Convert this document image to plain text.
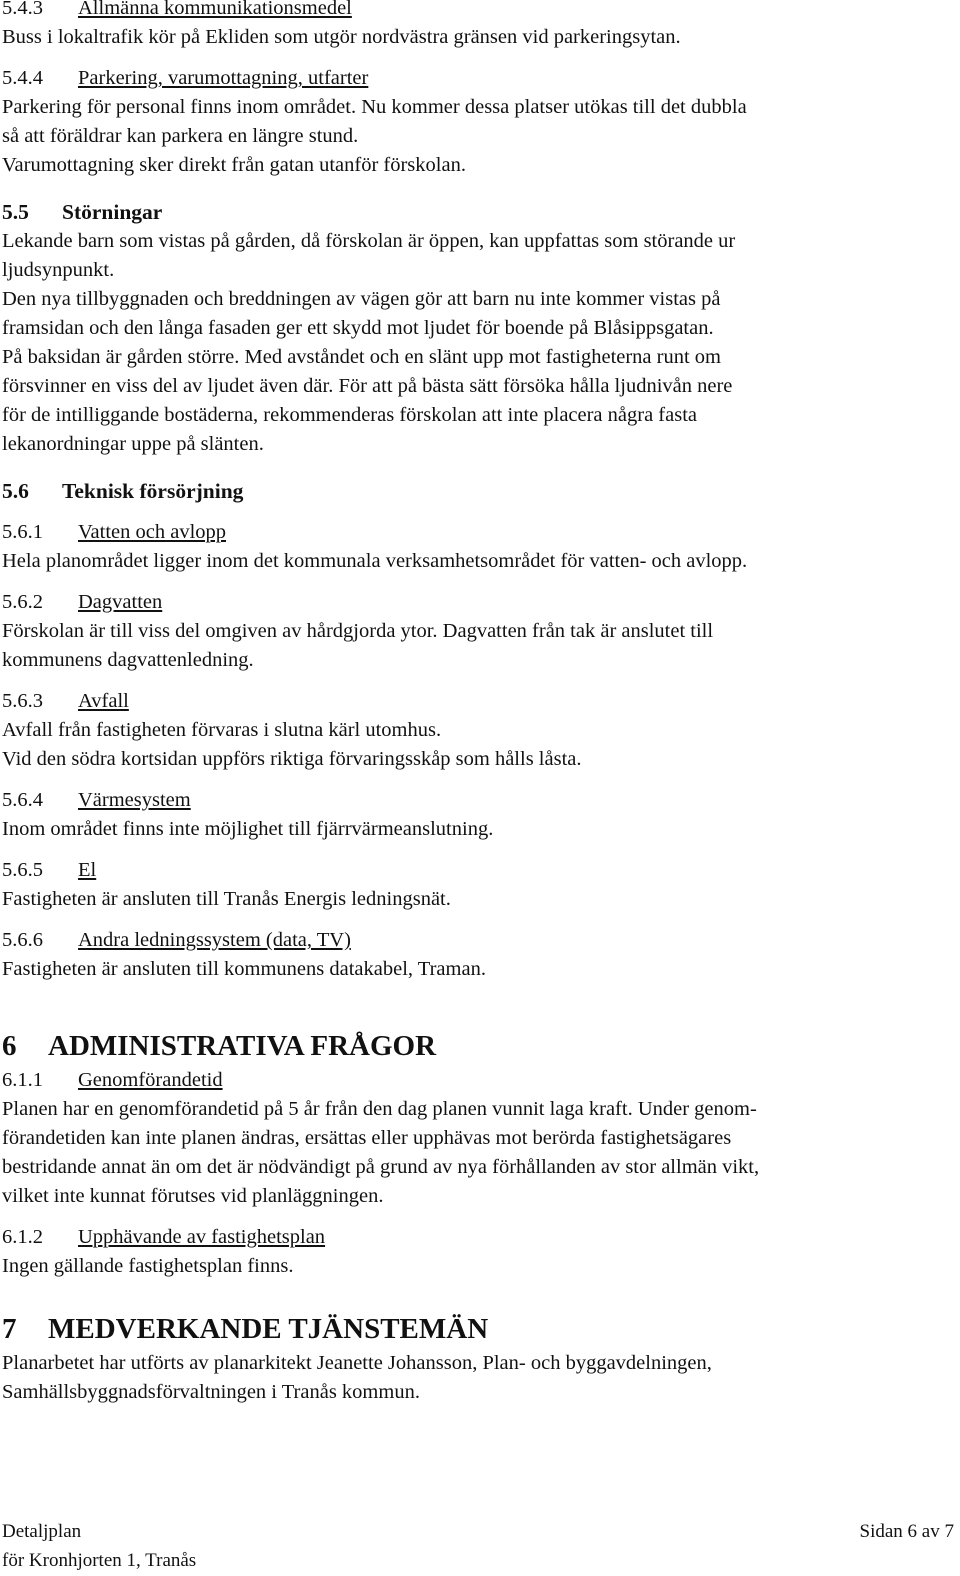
5.4.3 Allmänna kommunikationsmedel
Buss i lokaltrafik kör på Ekliden som utgör nordvästra gränsen vid parkeringsytan.
5.4.4 Parkering, varumottagning, utfarter
Parkering för personal finns inom området. Nu kommer dessa platser utökas till det dubbla
så att föräldrar kan parkera en längre stund.
Varumottagning sker direkt från gatan utanför förskolan.
5.5 Störningar
Lekande barn som vistas på gården, då förskolan är öppen, kan uppfattas som störande ur
ljudsynpunkt.
Den nya tillbyggnaden och breddningen av vägen gör att barn nu inte kommer vistas på
framsidan och den långa fasaden ger ett skydd mot ljudet för boende på Blåsippsgatan.
På baksidan är gården större. Med avståndet och en slänt upp mot fastigheterna runt om
försvinner en viss del av ljudet även där. För att på bästa sätt försöka hålla ljudnivån nere
för de intilliggande bostäderna, rekommenderas förskolan att inte placera några fasta
lekanordningar uppe på slänten.
5.6 Teknisk försörjning
5.6.1 Vatten och avlopp
Hela planområdet ligger inom det kommunala verksamhetsområdet för vatten- och avlopp.
5.6.2 Dagvatten
Förskolan är till viss del omgiven av hårdgjorda ytor. Dagvatten från tak är anslutet till
kommunens dagvattenledning.
5.6.3 Avfall
Avfall från fastigheten förvaras i slutna kärl utomhus.
Vid den södra kortsidan uppförs riktiga förvaringsskåp som hålls låsta.
5.6.4 Värmesystem
Inom området finns inte möjlighet till fjärrvärmeanslutning.
5.6.5 El
Fastigheten är ansluten till Tranås Energis ledningsnät.
5.6.6 Andra ledningssystem (data, TV)
Fastigheten är ansluten till kommunens datakabel, Traman.
6 ADMINISTRATIVA FRÅGOR
6.1.1 Genomförandetid
Planen har en genomförandetid på 5 år från den dag planen vunnit laga kraft. Under genom-
förandetiden kan inte planen ändras, ersättas eller upphävas mot berörda fastighetsägares
bestridande annat än om det är nödvändigt på grund av nya förhållanden av stor allmän vikt,
vilket inte kunnat förutses vid planläggningen.
6.1.2 Upphävande av fastighetsplan
Ingen gällande fastighetsplan finns.
7 MEDVERKANDE TJÄNSTEMÄN
Planarbetet har utförts av planarkitekt Jeanette Johansson, Plan- och byggavdelningen,
Samhällsbyggnadsförvaltningen i Tranås kommun.
Detaljplan
för Kronhjorten 1, Tranås
Sidan 6 av 7
